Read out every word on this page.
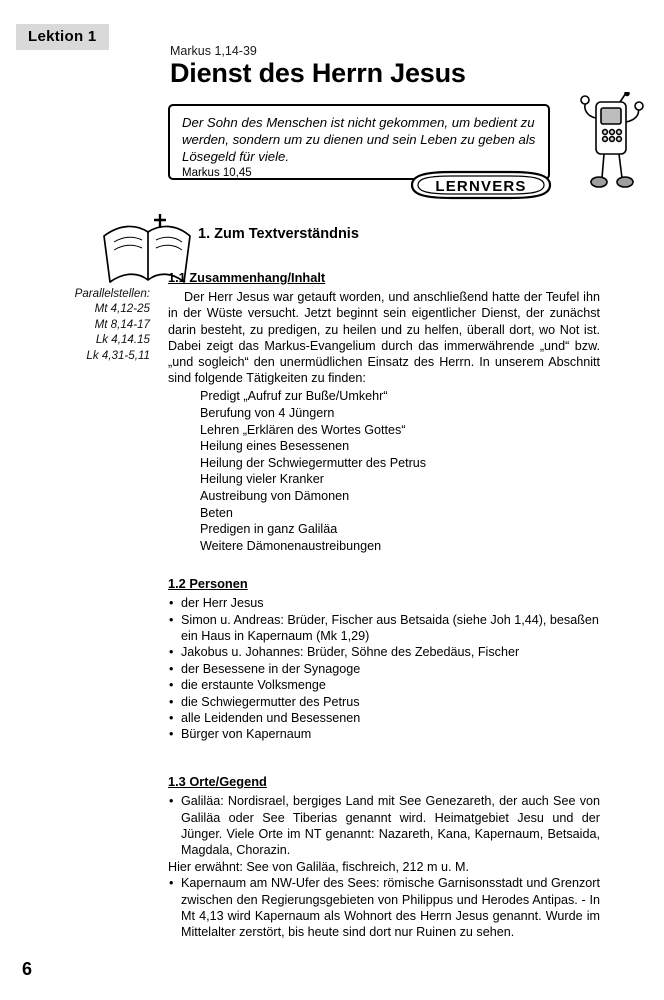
Lektion 1
Markus 1,14-39
Dienst des Herrn Jesus
Der Sohn des Menschen ist nicht gekommen, um bedient zu werden, sondern um zu dienen und sein Leben zu geben als Lösegeld für viele.
Markus 10,45
LERNVERS
1. Zum Textverständnis
Parallelstellen:
Mt 4,12-25
Mt 8,14-17
Lk 4,14.15
Lk 4,31-5,11
1.1 Zusammenhang/Inhalt

Der Herr Jesus war getauft worden, und anschließend hatte der Teufel ihn in der Wüste versucht. Jetzt beginnt sein eigentlicher Dienst, der zunächst darin besteht, zu predigen, zu heilen und zu helfen, überall dort, wo Not ist. Dabei zeigt das Markus-Evangelium durch das immerwährende „und“ bzw. „und sogleich“ den unermüdlichen Einsatz des Herrn. In unserem Abschnitt sind folgende Tätigkeiten zu finden:

Predigt „Aufruf zur Buße/Umkehr“
Berufung von 4 Jüngern
Lehren „Erklären des Wortes Gottes“
Heilung eines Besessenen
Heilung der Schwiegermutter des Petrus
Heilung vieler Kranker
Austreibung von Dämonen
Beten
Predigen in ganz Galiläa
Weitere Dämonenaustreibungen
1.2 Personen
• der Herr Jesus
• Simon u. Andreas: Brüder, Fischer aus Betsaida (siehe Joh 1,44), besaßen ein Haus in Kapernaum (Mk 1,29)
• Jakobus u. Johannes: Brüder, Söhne des Zebedäus, Fischer
• der Besessene in der Synagoge
• die erstaunte Volksmenge
• die Schwiegermutter des Petrus
• alle Leidenden und Besessenen
• Bürger von Kapernaum
1.3 Orte/Gegend
• Galiläa: Nordisrael, bergiges Land mit See Genezareth, der auch See von Galiläa oder See Tiberias genannt wird. Heimatgebiet Jesu und der Jünger. Viele Orte im NT genannt: Nazareth, Kana, Kapernaum, Betsaida, Magdala, Chorazin.

Hier erwähnt: See von Galiläa, fischreich, 212 m u. M.

• Kapernaum am NW-Ufer des Sees: römische Garnisonsstadt und Grenzort zwischen den Regierungsgebieten von Philippus und Herodes Antipas. - In Mt 4,13 wird Kapernaum als Wohnort des Herrn Jesus genannt. Wurde im Mittelalter zerstört, bis heute sind dort nur Ruinen zu sehen.
6
